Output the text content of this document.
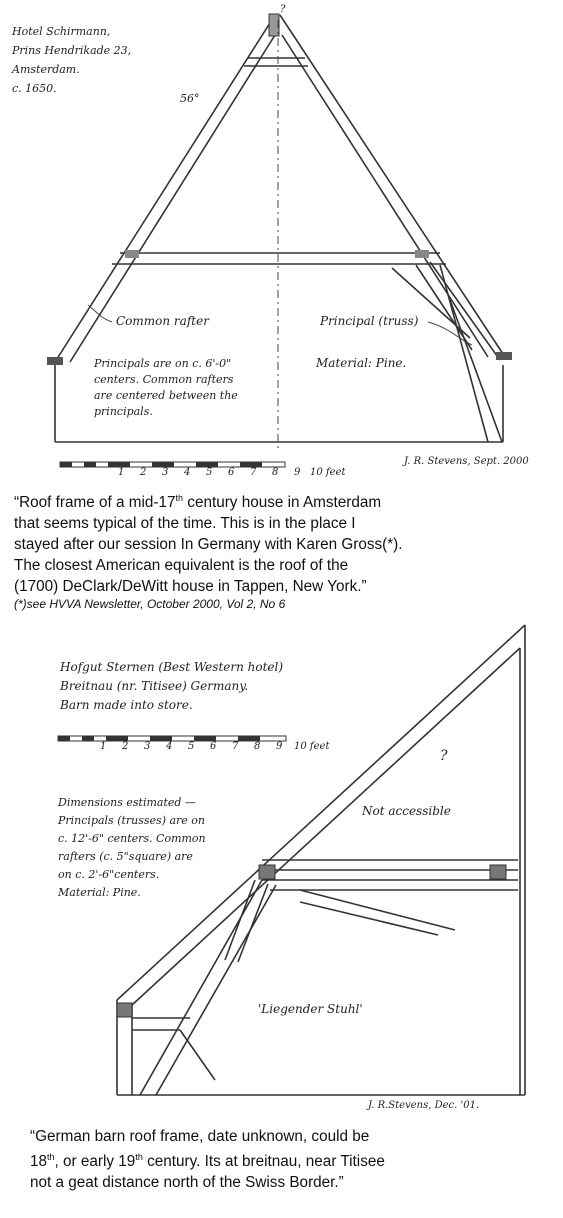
Hotel Schirmann,
Prins Hendrikade 23,
Amsterdam.
c. 1650.
?
56°
Common rafter	Principal (truss)
Principals are on c. 6'-0"
centers. Common rafters
are centered between the
principals.
Material: Pine.
1 2 3 4 5 6 7 8 9 10 feet
J. R. Stevens, Sept. 2000
“Roof frame of a mid-17th century house in Amsterdam
that seems typical of the time. This is in the place I
stayed after our session In Germany with Karen Gross(*).
The closest American equivalent is the roof of the
(1700) DeClark/DeWitt house in Tappen, New York.”
(*)see HVVA Newsletter, October 2000, Vol 2, No 6
Hofgut Sternen (Best Western hotel)
Breitnau (nr. Titisee) Germany.
Barn made into store.
1 2 3 4 5 6 7 8 9 10 feet
Dimensions estimated —
Principals (trusses) are on
c. 12'-6" centers. Common
rafters (c. 5"square) are
on c. 2'-6"centers.
Material: Pine.
?
Not accessible
'Liegender Stuhl'
J. R.Stevens, Dec. '01.
“German barn roof frame, date unknown, could be
18th, or early 19th century. Its at breitnau, near Titisee
not a geat distance north of the Swiss Border.”
